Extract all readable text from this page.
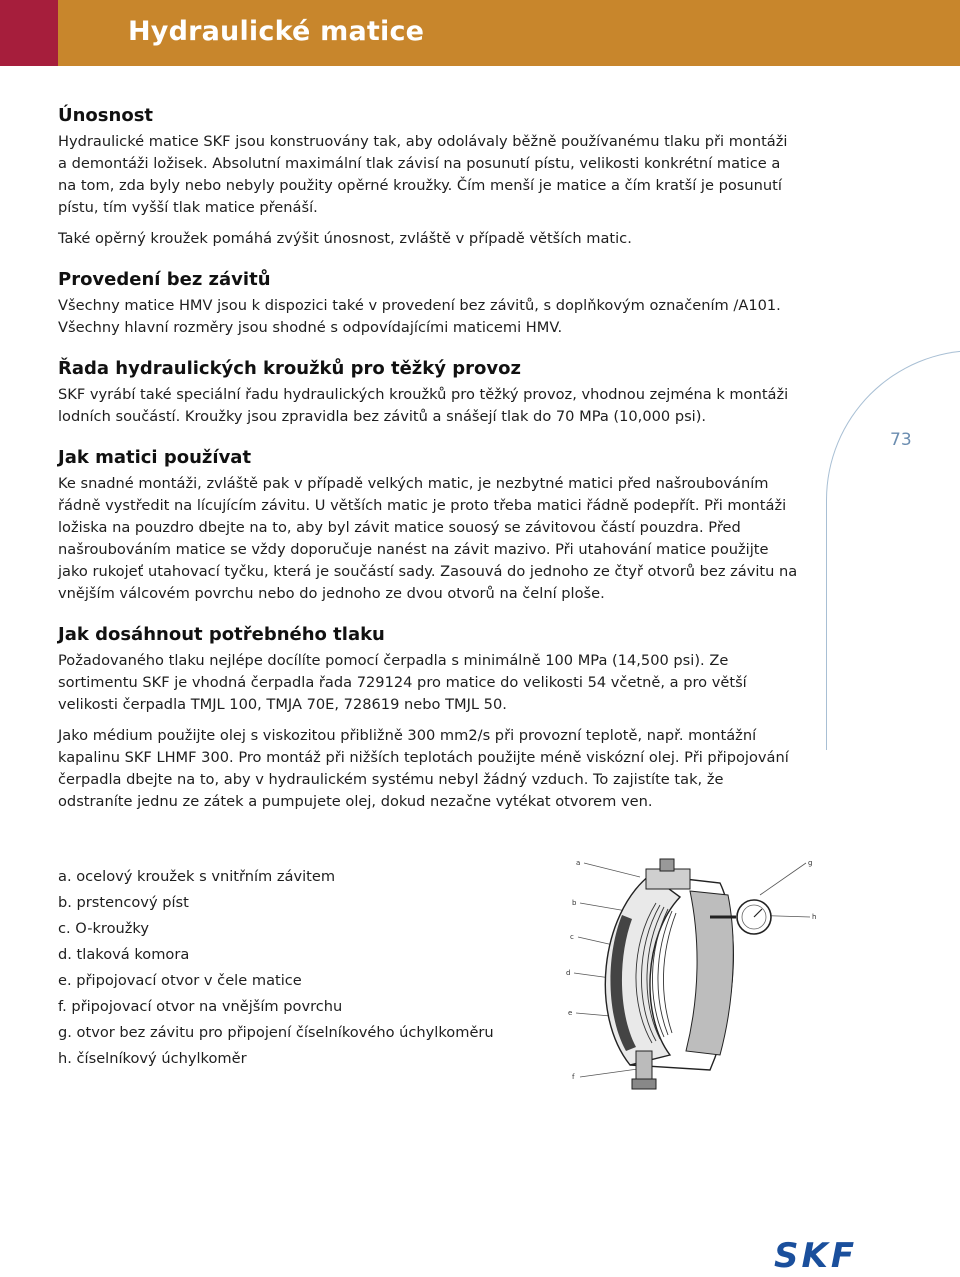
Hydraulické matice
73
Únosnost

Hydraulické matice SKF jsou konstruovány tak, aby odolávaly běžně používanému tlaku při montáži a demontáži ložisek. Absolutní maximální tlak závisí na posunutí pístu, velikosti konkrétní matice a na tom, zda byly nebo nebyly použity opěrné kroužky. Čím menší je matice a čím kratší je posunutí pístu, tím vyšší tlak matice přenáší.

Také opěrný kroužek pomáhá zvýšit únosnost, zvláště v případě větších matic.

Provedení bez závitů

Všechny matice HMV jsou k dispozici také v provedení bez závitů, s doplňkovým označením /A101. Všechny hlavní rozměry jsou shodné s odpovídajícími maticemi HMV.

Řada hydraulických kroužků pro těžký provoz

SKF vyrábí také speciální řadu hydraulických kroužků pro těžký provoz, vhodnou zejména k montáži lodních součástí. Kroužky jsou zpravidla bez závitů a snášejí tlak do 70 MPa (10,000 psi).

Jak matici používat

Ke snadné montáži, zvláště pak v případě velkých matic, je nezbytné matici před našroubováním řádně vystředit na lícujícím závitu. U větších matic je proto třeba matici řádně podepřít. Při montáži ložiska na pouzdro dbejte na to, aby byl závit matice souosý se závitovou částí pouzdra. Před našroubováním matice se vždy doporučuje nanést na závit mazivo. Při utahování matice použijte jako rukojeť utahovací tyčku, která je součástí sady. Zasouvá do jednoho ze čtyř otvorů bez závitu na vnějším válcovém povrchu nebo do jednoho ze dvou otvorů na čelní ploše.

Jak dosáhnout potřebného tlaku

Požadovaného tlaku nejlépe docílíte pomocí čerpadla s minimálně 100 MPa (14,500 psi). Ze sortimentu SKF je vhodná čerpadla řada 729124 pro matice do velikosti 54 včetně, a pro větší velikosti čerpadla TMJL 100, TMJA 70E, 728619 nebo TMJL 50.

Jako médium použijte olej s viskozitou přibližně 300 mm2/s při provozní teplotě, např. montážní kapalinu SKF LHMF 300. Pro montáž při nižších teplotách použijte méně viskózní olej. Při připojování čerpadla dbejte na to, aby v hydraulickém systému nebyl žádný vzduch. To zajistíte tak, že odstraníte jednu ze zátek a pumpujete olej, dokud nezačne vytékat otvorem ven.

a. ocelový kroužek s vnitřním závitem
b. prstencový píst
c. O-kroužky
d. tlaková komora
e. připojovací otvor v čele matice
f. připojovací otvor na vnějším povrchu
g. otvor bez závitu pro připojení číselníkového úchylkoměru
h. číselníkový úchylkoměr
a
b
c
d
e
f
g
h
SKF
